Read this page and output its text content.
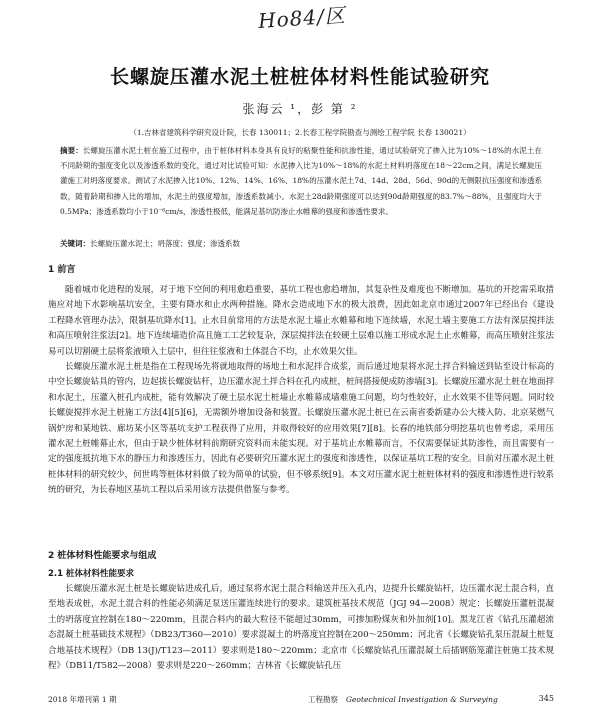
Ho84/区
长螺旋压灌水泥土桩桩体材料性能试验研究
张海云 ¹，彭 第 ²
（1.吉林省建筑科学研究设计院，长春 130011；2.长春工程学院勘查与测绘工程学院 长春 130021）
摘要：长螺旋压灌水泥土桩在施工过程中，由于桩体材料本身具有良好的粘聚性能和抗渗性能，通过试验研究了掺入比为10%～18%的水泥土在不同龄期的强度变化以及渗透系数的变化，通过对比试验可知：水泥掺入比为10%～18%的水泥土材料坍落度在18～22cm之间，满足长螺旋压灌施工对坍落度要求。测试了水泥掺入比10%、12%、14%、16%、18%的压灌水泥土7d、14d、28d、56d、90d的无侧限抗压强度和渗透系数，随着龄期和掺入比的增加，水泥土的强度增加，渗透系数减小。水泥土28d龄期强度可以达到90d龄期强度的83.7%～88%，且强度均大于0.5MPa；渗透系数均小于10⁻⁶cm/s，渗透性极低，能满足基坑防渗止水帷幕的强度和渗透性要求。
关键词：长螺旋压灌水泥土；坍落度；强度；渗透系数
1 前言

随着城市化进程的发展，对于地下空间的利用愈趋重要，基坑工程也愈趋增加，其复杂性及难度也不断增加。基坑的开挖需采取措施应对地下水影响基坑安全，主要有降水和止水两种措施。降水会造成地下水的极大浪费，因此如北京市通过2007年已经出台《建设工程降水管理办法》，限制基坑降水[1]。止水目前常用的方法是水泥土墙止水帷幕和地下连续墙，水泥土墙主要施工方法有深层搅拌法和高压喷射注浆法[2]。地下连续墙造价高且施工工艺较复杂，深层搅拌法在较硬土层难以施工形成水泥土止水帷幕，而高压喷射注浆法易可以切割硬土层将浆液喷入土层中，但往往浆液和土体混合不均，止水效果欠佳。

长螺旋压灌水泥土桩是指在工程现场先将就地取得的场地土和水泥拌合成浆，而后通过地泵将水泥土拌合料输送到钻至设计标高的中空长螺旋钻具的管内，边起拔长螺旋钻杆，边压灌水泥土拌合料在孔内成桩，桩间搭接便成防渗墙[3]。长螺旋压灌水泥土桩在地面拌和水泥土，压灌入桩孔内成桩，能有效解决了硬土层水泥土桩墙止水帷幕成墙难施工问题，均匀性较好，止水效果不佳等问题。同时较长螺旋搅拌水泥土桩施工方法[4][5][6]，无需额外增加设备和装置。长螺旋压灌水泥土桩已在云南省委新建办公大楼入防、北京某燃气锅炉房和某地铁、廊坊某小区等基坑支护工程获得了应用，并取得较好的应用效果[7][8]。长春的地铁部分明挖基坑也曾考虑，采用压灌水泥土桩帷幕止水，但由于缺少桩体材料前期研究资料而未能实现。对于基坑止水帷幕而言，不仅需要保证其防渗性，而且需要有一定的强度抵抗地下水的静压力和渗透压力，因此有必要研究压灌水泥土的强度和渗透性，以保证基坑工程的安全。目前对压灌水泥土桩桩体材料的研究较少，何世鸣等桩体材料做了较为简单的试验，但不够系统[9]。本文对压灌水泥土桩桩体材料的强度和渗透性进行较系统的研究，为长春地区基坑工程以后采用该方法提供借鉴与参考。

2 桩体材料性能要求与组成
2.1 桩体材料性能要求

长螺旋压灌水泥土桩是长螺旋钻进成孔后，通过泵将水泥土混合料输送并压入孔内，边提升长螺旋钻杆，边压灌水泥土混合料，直至地表成桩，水泥土混合料的性能必须满足泵送压灌连续进行的要求。建筑桩基技术规范（JGJ 94—2008）规定：长螺旋压灌桩混凝土的坍落度宜控制在180～220mm，且混合料内的最大粒径不能超过30mm，可掺加粉煤灰和外加剂[10]。黑龙江省《钻孔压灌超流态混凝土桩基础技术规程》（DB23/T360—2010）要求混凝土的坍落度宜控制在200～250mm；河北省《长螺旋钻孔泵压混凝土桩复合地基技术规程》（DB 13(J)/T123—2011）要求则是180～220mm；北京市《长螺旋钻孔压灌混凝土后插钢筋笼灌注桩施工技术规程》（DB11/T582—2008）要求则是220～260mm；吉林省《长螺旋钻孔压

2018 年增刊第 1 期	工程勘察 Geotechnical Investigation & Surveying	345
